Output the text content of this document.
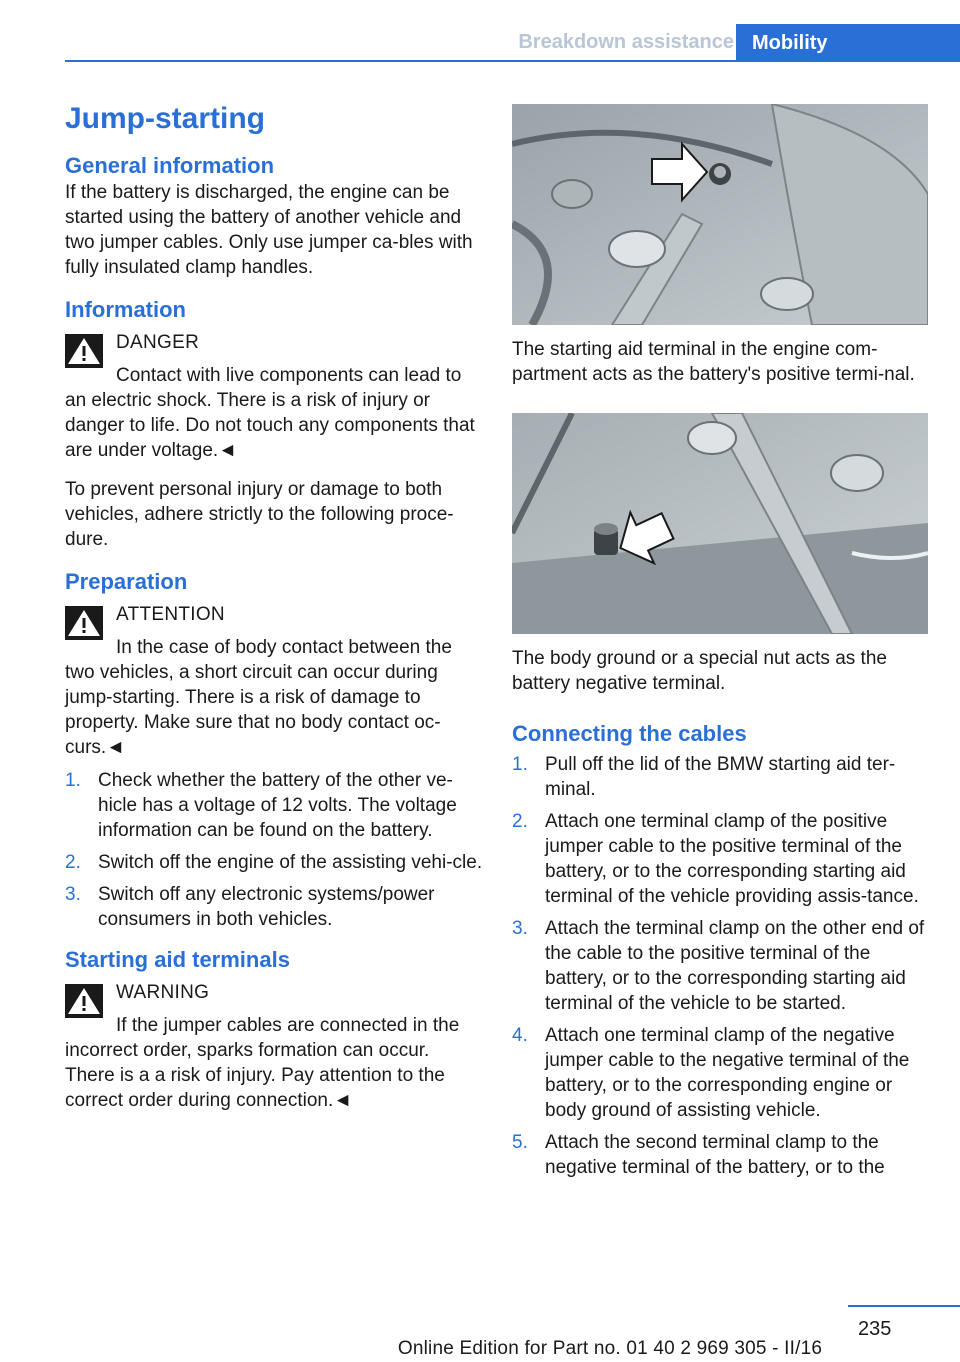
Breakdown assistance Mobility
Jump-starting
General information

If the battery is discharged, the engine can be started using the battery of another vehicle and two jumper cables. Only use jumper ca-bles with fully insulated clamp handles.

Information
DANGER

Contact with live components can lead to an electric shock. There is a risk of injury or danger to life. Do not touch any components that are under voltage.◄

To prevent personal injury or damage to both vehicles, adhere strictly to the following proce-dure.

Preparation
ATTENTION

In the case of body contact between the two vehicles, a short circuit can occur during jump-starting. There is a risk of damage to property. Make sure that no body contact oc-curs.◄

1. Check whether the battery of the other ve-hicle has a voltage of 12 volts. The voltage information can be found on the battery.
2. Switch off the engine of the assisting vehi-cle.
3. Switch off any electronic systems/power consumers in both vehicles.
Starting aid terminals
WARNING

If the jumper cables are connected in the incorrect order, sparks formation can occur. There is a a risk of injury. Pay attention to the correct order during connection.◄

The starting aid terminal in the engine com-partment acts as the battery's positive termi-nal.

The body ground or a special nut acts as the battery negative terminal.

Connecting the cables
1. Pull off the lid of the BMW starting aid ter-minal.
2. Attach one terminal clamp of the positive jumper cable to the positive terminal of the battery, or to the corresponding starting aid terminal of the vehicle providing assis-tance.
3. Attach the terminal clamp on the other end of the cable to the positive terminal of the battery, or to the corresponding starting aid terminal of the vehicle to be started.
4. Attach one terminal clamp of the negative jumper cable to the negative terminal of the battery, or to the corresponding engine or body ground of assisting vehicle.
5. Attach the second terminal clamp to the negative terminal of the battery, or to the
235
Online Edition for Part no. 01 40 2 969 305 - II/16
